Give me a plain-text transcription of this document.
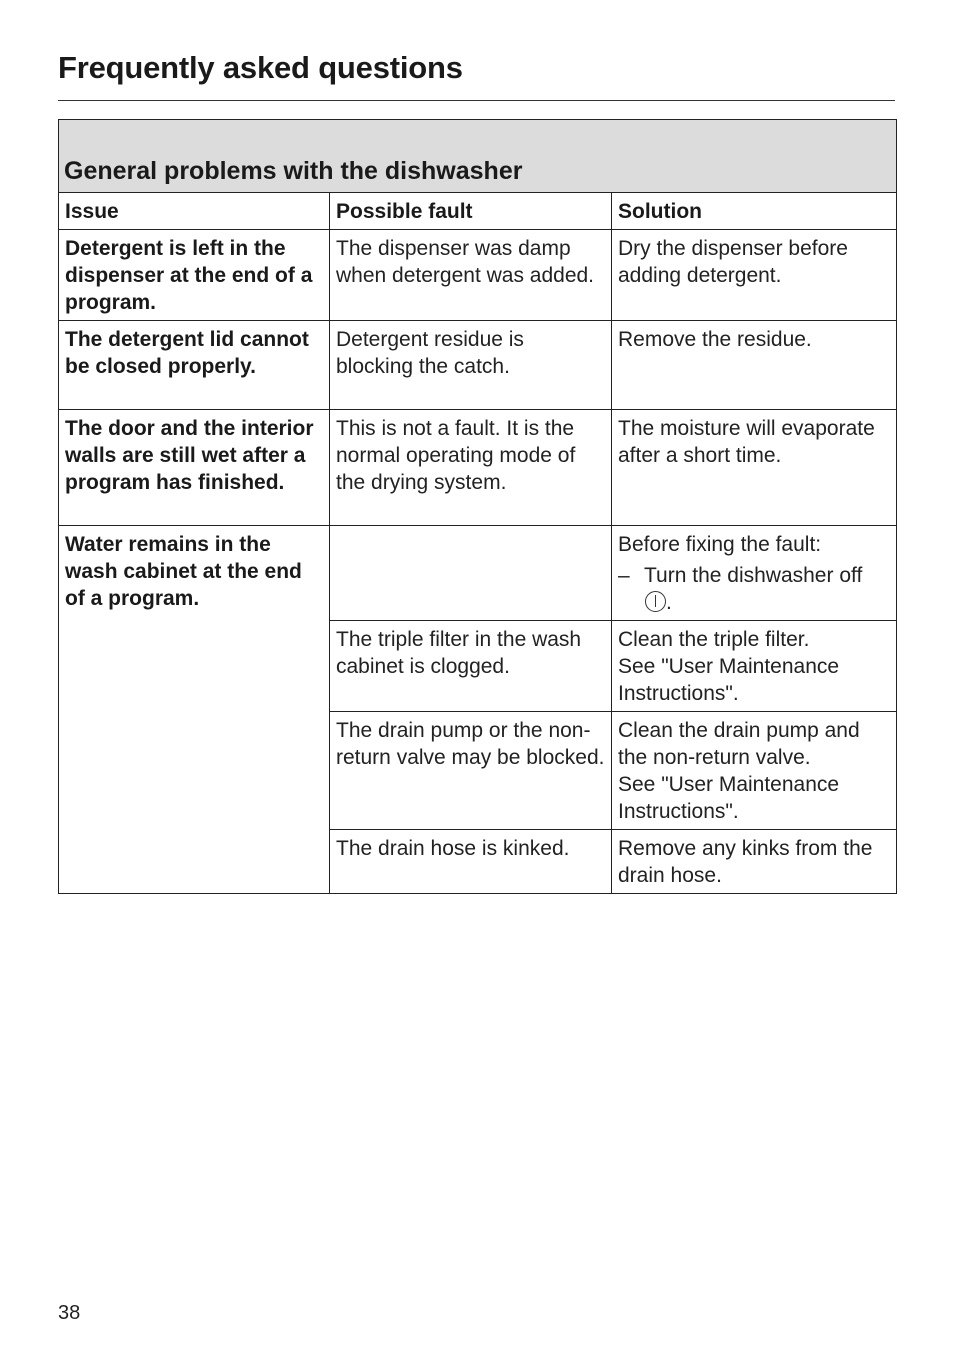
Frequently asked questions
General problems with the dishwasher		
Issue	Possible fault	Solution
Detergent is left in the dispenser at the end of a program.	The dispenser was damp when detergent was added.	Dry the dispenser before adding detergent.
The detergent lid cannot be closed properly.	Detergent residue is blocking the catch.	Remove the residue.
The door and the interior walls are still wet after a program has finished.	This is not a fault. It is the normal operating mode of the drying system.	The moisture will evaporate after a short time.
Water remains in the wash cabinet at the end of a program.		Before fixing the fault:
– Turn the dishwasher off .

	The triple filter in the wash cabinet is clogged.	Clean the triple filter.
See "User Maintenance Instructions".

	The drain pump or the non-return valve may be blocked.	Clean the drain pump and the non-return valve.
See "User Maintenance Instructions".

	The drain hose is kinked.	Remove any kinks from the drain hose.
38
